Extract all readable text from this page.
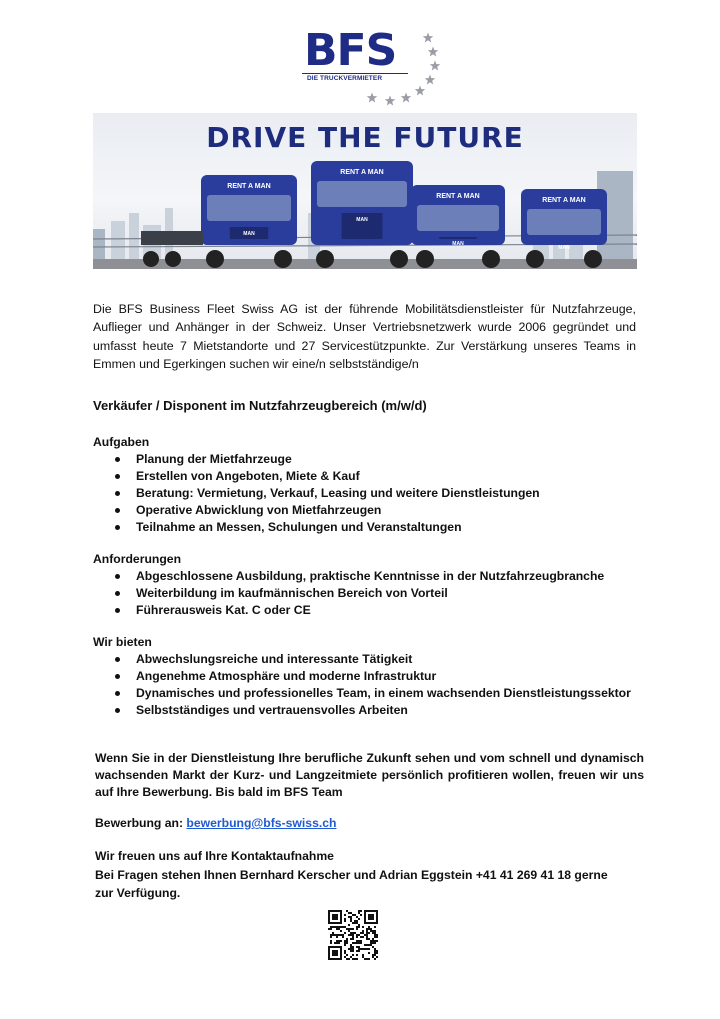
BFS
DIE TRUCKVERMIETER
DRIVE THE FUTURE
RENT A MAN
MAN
RENT A MAN
MAN
RENT A MAN
MAN
RENT A MAN
MAN

Die BFS Business Fleet Swiss AG ist der führende Mobilitätsdienstleister für Nutzfahrzeuge, Auflieger und Anhänger in der Schweiz. Unser Vertriebsnetzwerk wurde 2006 gegründet und umfasst heute 7 Mietstandorte und 27 Servicestützpunkte. Zur Verstärkung unseres Teams in Emmen und Egerkingen suchen wir eine/n selbstständige/n

Verkäufer / Disponent im Nutzfahrzeugbereich (m/w/d)
Aufgaben
Planung der Mietfahrzeuge
Erstellen von Angeboten, Miete & Kauf
Beratung: Vermietung, Verkauf, Leasing und weitere Dienstleistungen
Operative Abwicklung von Mietfahrzeugen
Teilnahme an Messen, Schulungen und Veranstaltungen
Anforderungen
Abgeschlossene Ausbildung, praktische Kenntnisse in der Nutzfahrzeugbranche
Weiterbildung im kaufmännischen Bereich von Vorteil
Führerausweis Kat. C oder CE
Wir bieten
Abwechslungsreiche und interessante Tätigkeit
Angenehme Atmosphäre und moderne Infrastruktur
Dynamisches und professionelles Team, in einem wachsenden Dienstleistungssektor
Selbstständiges und vertrauensvolles Arbeiten

Wenn Sie in der Dienstleistung Ihre berufliche Zukunft sehen und vom schnell und dynamisch wachsenden Markt der Kurz- und Langzeitmiete persönlich profitieren wollen, freuen wir uns auf Ihre Bewerbung. Bis bald im BFS Team

Bewerbung an: bewerbung@bfs-swiss.ch
Wir freuen uns auf Ihre Kontaktaufnahme

Bei Fragen stehen Ihnen Bernhard Kerscher und Adrian Eggstein +41 41 269 41 18 gerne zur Verfügung.
